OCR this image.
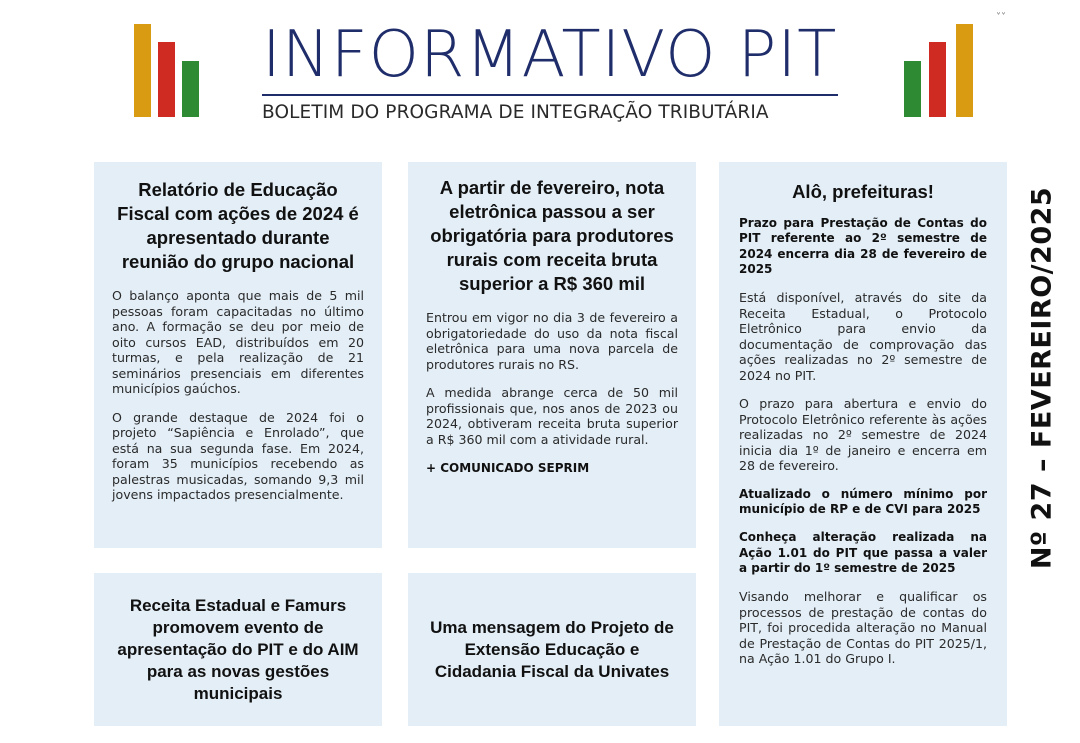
˅˅
INFORMATIVO PIT
BOLETIM DO PROGRAMA DE INTEGRAÇÃO TRIBUTÁRIA
Relatório de Educação Fiscal com ações de 2024 é apresentado durante reunião do grupo nacional

O balanço aponta que mais de 5 mil pessoas foram capacitadas no último ano. A formação se deu por meio de oito cursos EAD, distribuídos em 20 turmas, e pela realização de 21 seminários presenciais em diferentes municípios gaúchos.

O grande destaque de 2024 foi o projeto “Sapiência e Enrolado”, que está na sua segunda fase. Em 2024, foram 35 municípios recebendo as palestras musicadas, somando 9,3 mil jovens impactados presencialmente.

A partir de fevereiro, nota eletrônica passou a ser obrigatória para produtores rurais com receita bruta superior a R$ 360 mil

Entrou em vigor no dia 3 de fevereiro a obrigatoriedade do uso da nota fiscal eletrônica para uma nova parcela de produtores rurais no RS.

A medida abrange cerca de 50 mil profissionais que, nos anos de 2023 ou 2024, obtiveram receita bruta superior a R$ 360 mil com a atividade rural.

+ COMUNICADO SEPRIM
Alô, prefeituras!

Prazo para Prestação de Contas do PIT referente ao 2º semestre de 2024 encerra dia 28 de fevereiro de 2025

Está disponível, através do site da Receita Estadual, o Protocolo Eletrônico para envio da documentação de comprovação das ações realizadas no 2º semestre de 2024 no PIT.

O prazo para abertura e envio do Protocolo Eletrônico referente às ações realizadas no 2º semestre de 2024 inicia dia 1º de janeiro e encerra em 28 de fevereiro.

Atualizado o número mínimo por município de RP e de CVI para 2025

Conheça alteração realizada na Ação 1.01 do PIT que passa a valer a partir do 1º semestre de 2025

Visando melhorar e qualificar os processos de prestação de contas do PIT, foi procedida alteração no Manual de Prestação de Contas do PIT 2025/1, na Ação 1.01 do Grupo I.

Receita Estadual e Famurs promovem evento de apresentação do PIT e do AIM para as novas gestões municipais
Uma mensagem do Projeto de Extensão Educação e Cidadania Fiscal da Univates
Nº 27 – FEVEREIRO/2025
